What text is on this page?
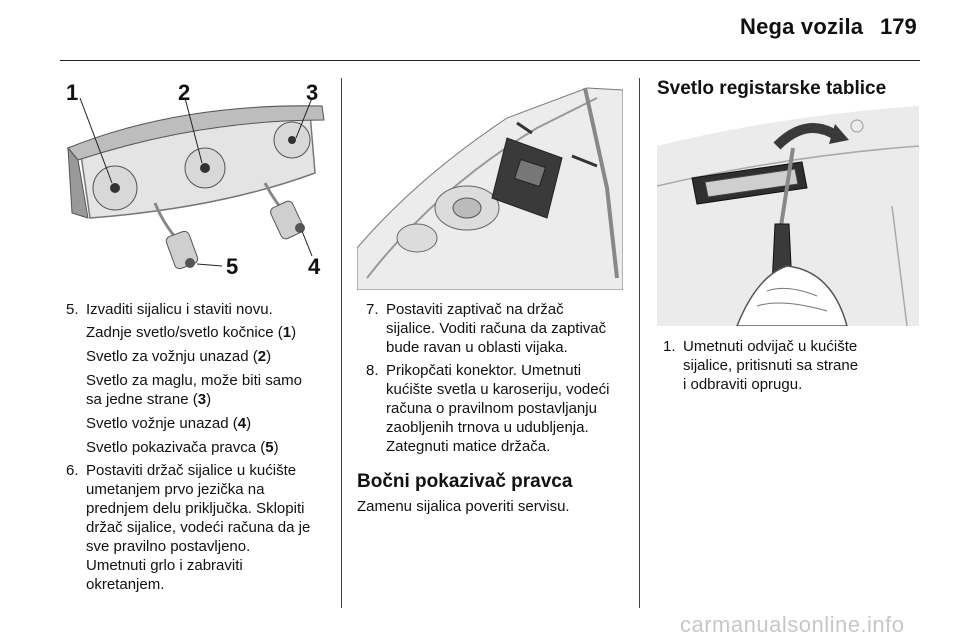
Nega vozila 179
1	2	3
5	4
5. Izvaditi sijalicu i staviti novu.
Zadnje svetlo/svetlo kočnice (1)
Svetlo za vožnju unazad (2)
Svetlo za maglu, može biti samo
sa jedne strane (3)
Svetlo vožnje unazad (4)
Svetlo pokazivača pravca (5)
6. Postaviti držač sijalice u kućište
umetanjem prvo jezička na
prednjem delu priključka. Sklopiti
držač sijalice, vodeći računa da je
sve pravilno postavljeno.
Umetnuti grlo i zabraviti
okretanjem.
7. Postaviti zaptivač na držač
sijalice. Voditi računa da zaptivač
bude ravan u oblasti vijaka.
8. Prikopčati konektor. Umetnuti
kućište svetla u karoseriju, vodeći
računa o pravilnom postavljanju
zaobljenih trnova u udubljenja.
Zategnuti matice držača.
Bočni pokazivač pravca
Zamenu sijalica poveriti servisu.
Svetlo registarske tablice
1. Umetnuti odvijač u kućište
sijalice, pritisnuti sa strane
i odbraviti oprugu.
carmanualsonline.info
